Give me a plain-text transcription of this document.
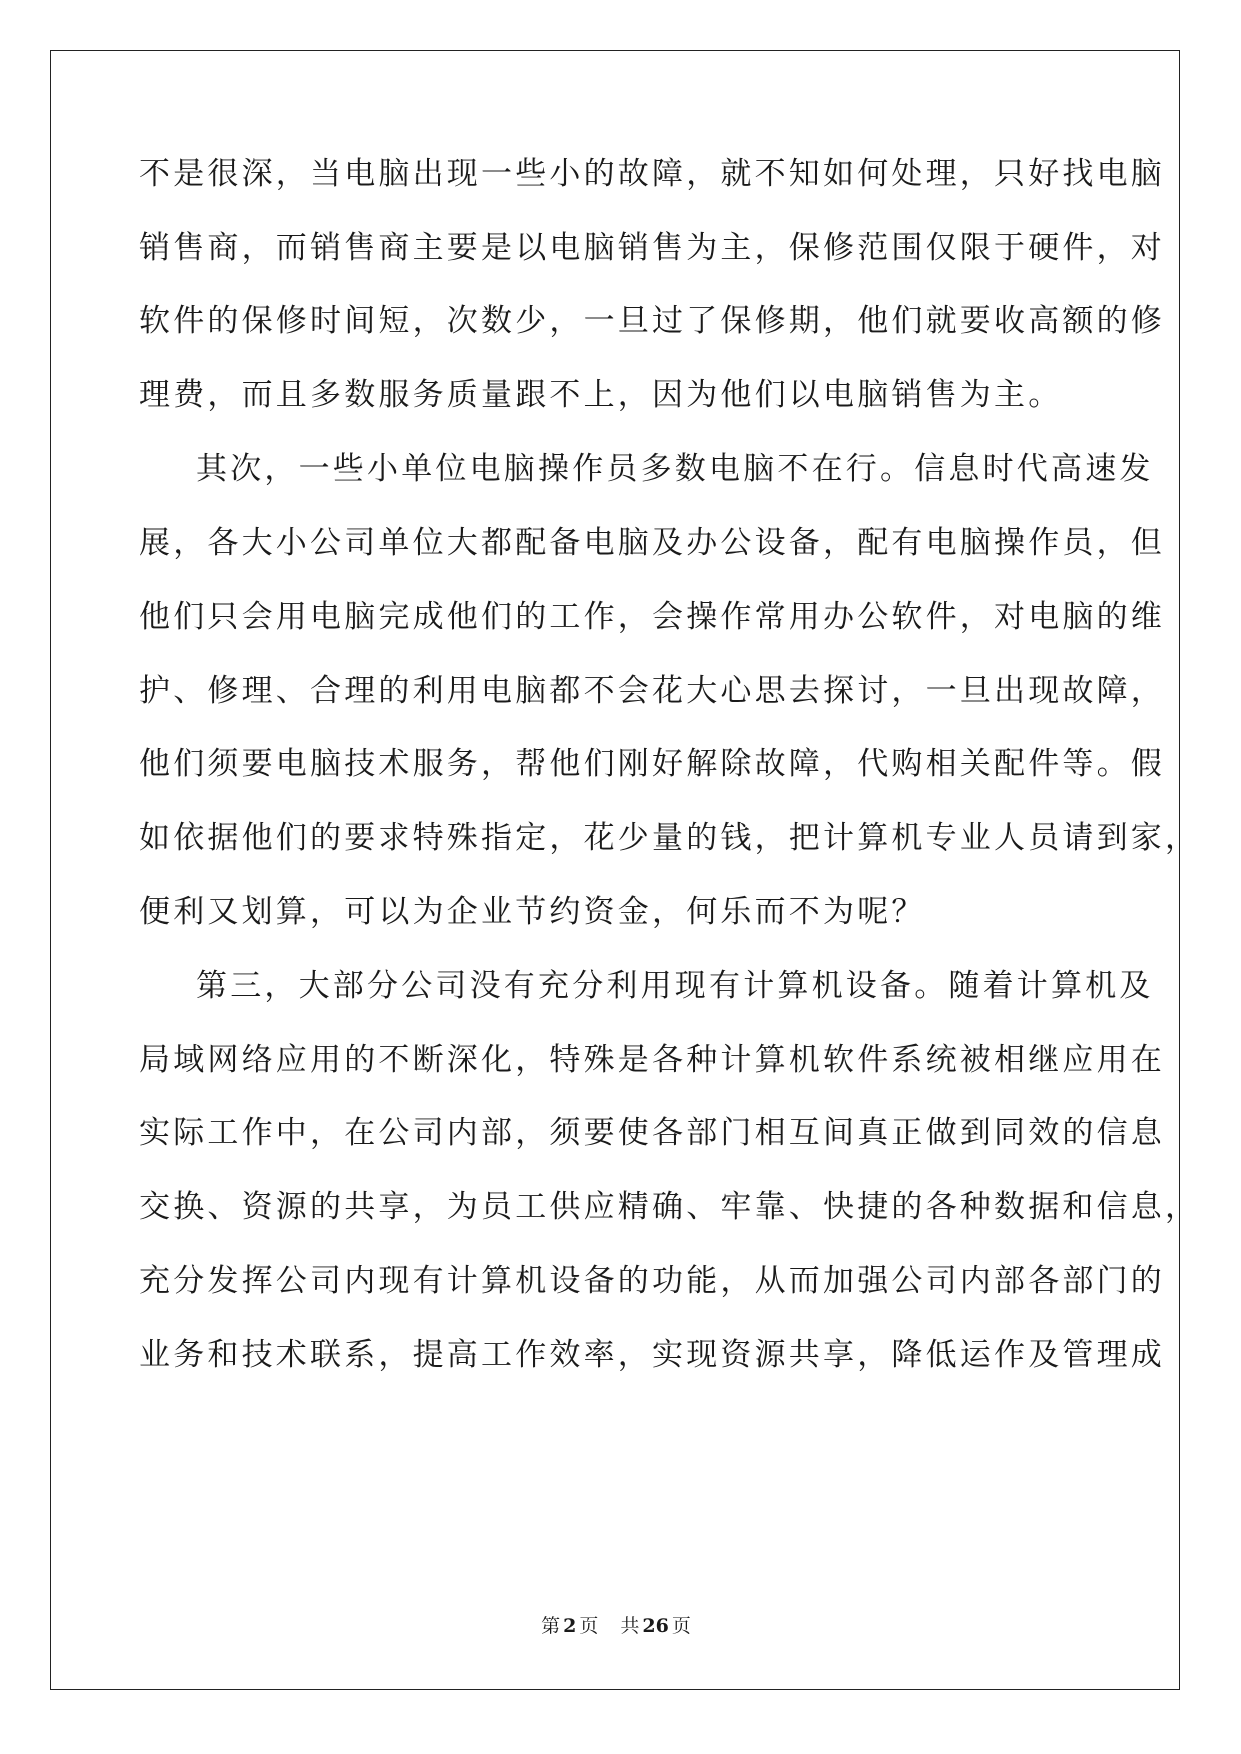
不是很深，当电脑出现一些小的故障，就不知如何处理，只好找电脑
销售商，而销售商主要是以电脑销售为主，保修范围仅限于硬件，对
软件的保修时间短，次数少，一旦过了保修期，他们就要收高额的修
理费，而且多数服务质量跟不上，因为他们以电脑销售为主。
其次，一些小单位电脑操作员多数电脑不在行。信息时代高速发
展，各大小公司单位大都配备电脑及办公设备，配有电脑操作员，但
他们只会用电脑完成他们的工作，会操作常用办公软件，对电脑的维
护、修理、合理的利用电脑都不会花大心思去探讨，一旦出现故障，
他们须要电脑技术服务，帮他们刚好解除故障，代购相关配件等。假
如依据他们的要求特殊指定，花少量的钱，把计算机专业人员请到家，
便利又划算，可以为企业节约资金，何乐而不为呢？
第三，大部分公司没有充分利用现有计算机设备。随着计算机及
局域网络应用的不断深化，特殊是各种计算机软件系统被相继应用在
实际工作中，在公司内部，须要使各部门相互间真正做到同效的信息
交换、资源的共享，为员工供应精确、牢靠、快捷的各种数据和信息，
充分发挥公司内现有计算机设备的功能，从而加强公司内部各部门的
业务和技术联系，提高工作效率，实现资源共享，降低运作及管理成
第 2 页 共 26 页
